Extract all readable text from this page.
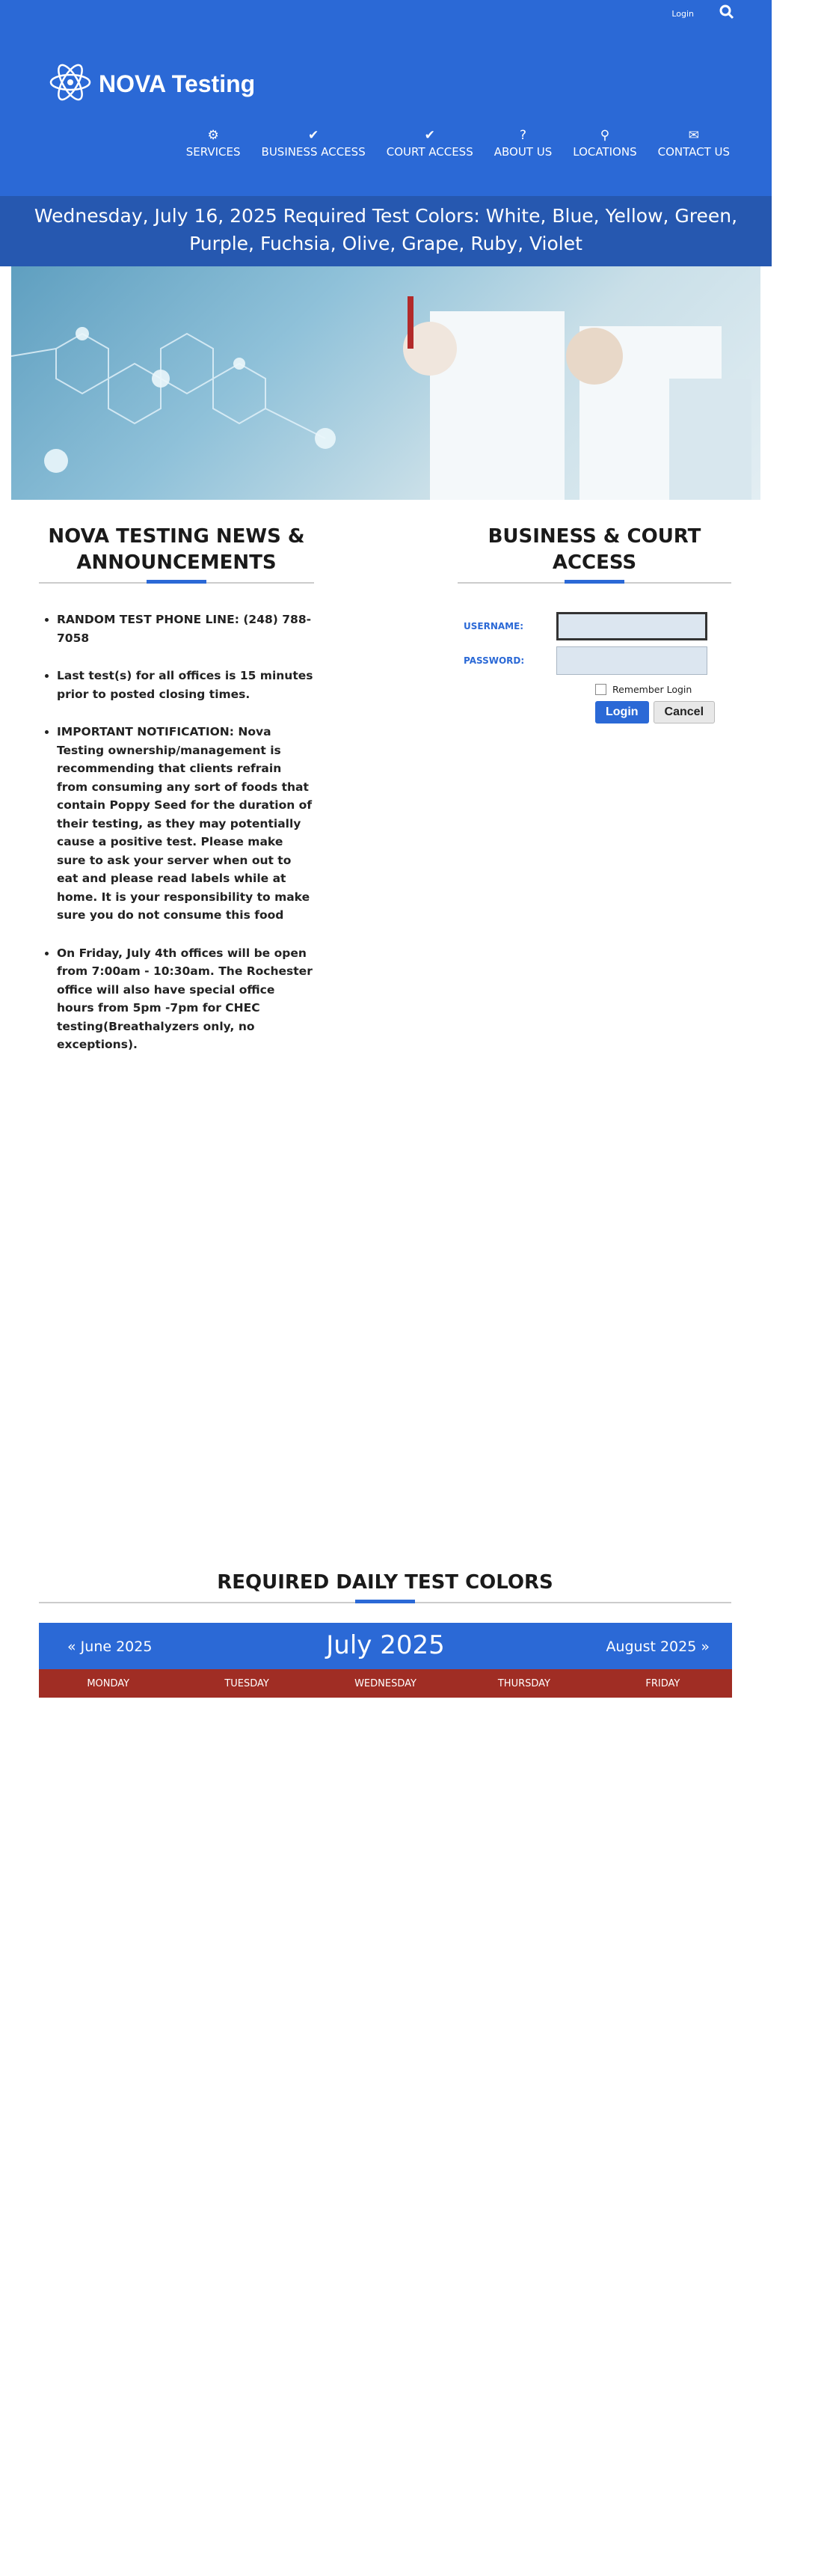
Login
NOVA Testing
⚙
SERVICES
✔
BUSINESS ACCESS
✔
COURT ACCESS
?
ABOUT US
⚲
LOCATIONS
✉
CONTACT US
Wednesday, July 16, 2025 Required Test Colors: White, Blue, Yellow, Green, Purple, Fuchsia, Olive, Grape, Ruby, Violet
NOVA TESTING NEWS & ANNOUNCEMENTS
• RANDOM TEST PHONE LINE: (248) 788-7058
• Last test(s) for all offices is 15 minutes prior to posted closing times.
• IMPORTANT NOTIFICATION: Nova Testing ownership/management is recommending that clients refrain from consuming any sort of foods that contain Poppy Seed for the duration of their testing, as they may potentially cause a positive test. Please make sure to ask your server when out to eat and please read labels while at home. It is your responsibility to make sure you do not consume this food
• On Friday, July 4th offices will be open from 7:00am - 10:30am. The Rochester office will also have special office hours from 5pm -7pm for CHEC testing(Breathalyzers only, no exceptions).
BUSINESS & COURT ACCESS
USERNAME:
PASSWORD:
Remember Login
Login	Cancel
REQUIRED DAILY TEST COLORS
« June 2025	July 2025	August 2025 »
MONDAY	TUESDAY	WEDNESDAY	THURSDAY	FRIDAY
